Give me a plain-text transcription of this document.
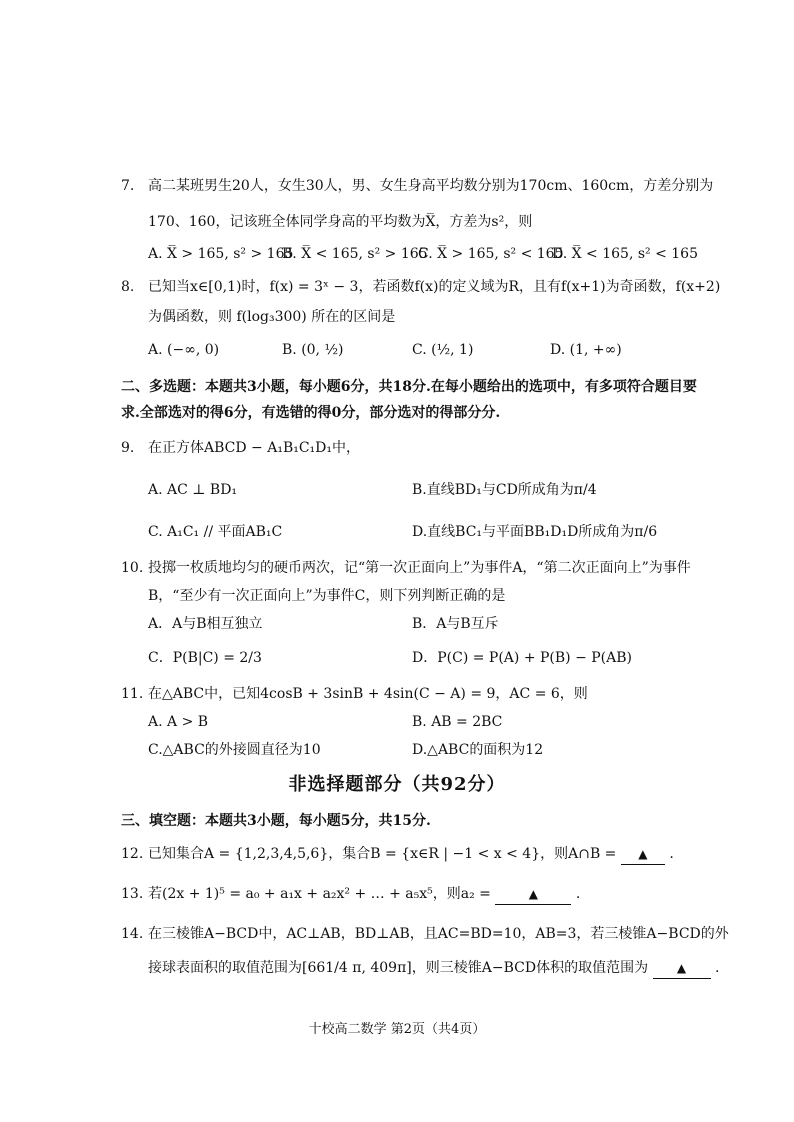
7. 高二某班男生20人，女生30人，男、女生身高平均数分别为170cm、160cm，方差分别为
170、160，记该班全体同学身高的平均数为X̅，方差为s²，则
A. X̅ > 165, s² > 165
B. X̅ < 165, s² > 165
C. X̅ > 165, s² < 165
D. X̅ < 165, s² < 165
8. 已知当x∈[0,1)时，f(x) = 3ˣ − 3，若函数f(x)的定义域为R，且有f(x+1)为奇函数，f(x+2)
为偶函数，则 f(log₃300) 所在的区间是
A. (−∞, 0)	B. (0, ½)	C. (½, 1)	D. (1, +∞)
二、多选题：本题共3小题，每小题6分，共18分.在每小题给出的选项中，有多项符合题目要
求.全部选对的得6分，有选错的得0分，部分选对的得部分分.
9. 在正方体ABCD − A₁B₁C₁D₁中，
A. AC ⊥ BD₁	B.直线BD₁与CD所成角为π/4
C. A₁C₁ // 平面AB₁C	D.直线BC₁与平面BB₁D₁D所成角为π/6
10. 投掷一枚质地均匀的硬币两次，记“第一次正面向上”为事件A，“第二次正面向上”为事件
B，“至少有一次正面向上”为事件C，则下列判断正确的是
A．A与B相互独立	B．A与B互斥
C．P(B|C) = 2/3	D．P(C) = P(A) + P(B) − P(AB)
11. 在△ABC中，已知4cosB + 3sinB + 4sin(C − A) = 9，AC = 6，则
A. A > B	B. AB = 2BC
C.△ABC的外接圆直径为10	D.△ABC的面积为12
非选择题部分（共92分）
三、填空题：本题共3小题，每小题5分，共15分.
12. 已知集合A = {1,2,3,4,5,6}，集合B = {x∈R | −1 < x < 4}，则A∩B = ▲ .
13. 若(2x + 1)⁵ = a₀ + a₁x + a₂x² + … + a₅x⁵，则a₂ =	▲	.
14. 在三棱锥A−BCD中，AC⊥AB，BD⊥AB，且AC=BD=10，AB=3，若三棱锥A−BCD的外
接球表面积的取值范围为[661/4 π, 409π]，则三棱锥A−BCD体积的取值范围为 ▲ .
十校高二数学 第2页（共4页）
